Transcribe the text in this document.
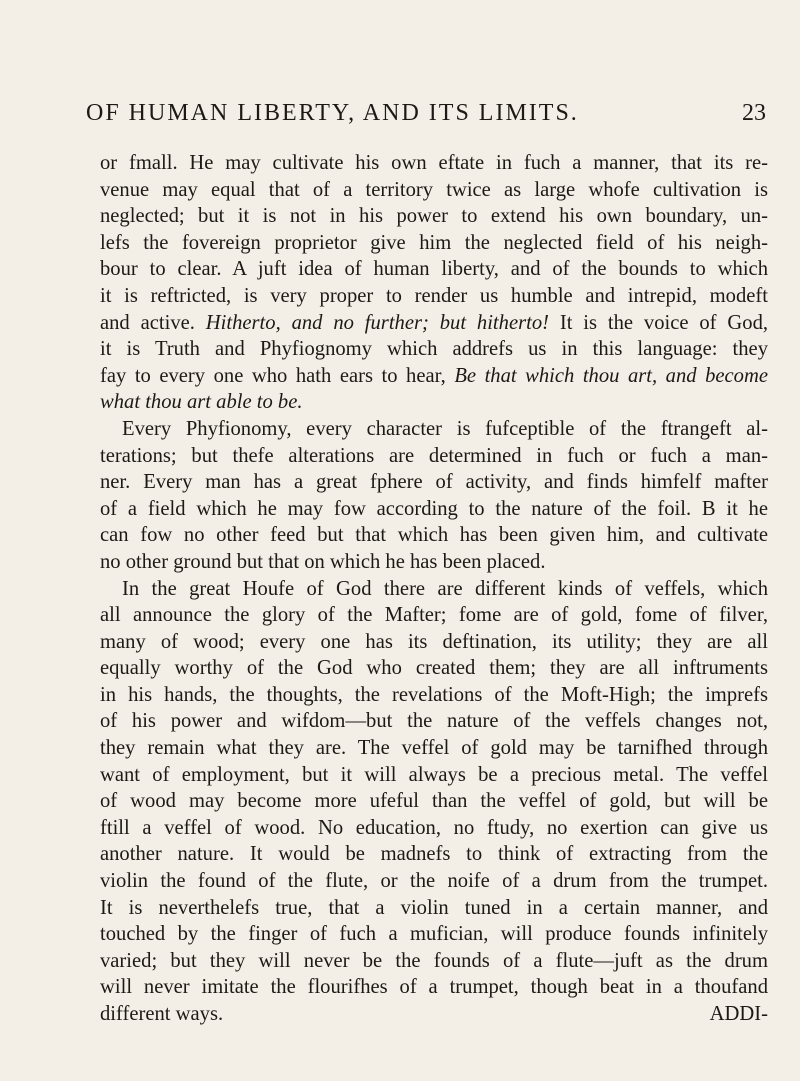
OF HUMAN LIBERTY, AND ITS LIMITS.	23
or fmall. He may cultivate his own eftate in fuch a manner, that its re-
venue may equal that of a territory twice as large whofe cultivation is
neglected; but it is not in his power to extend his own boundary, un-
lefs the fovereign proprietor give him the neglected field of his neigh-
bour to clear. A juft idea of human liberty, and of the bounds to which
it is reftricted, is very proper to render us humble and intrepid, modeft
and active. Hitherto, and no further; but hitherto! It is the voice of God,
it is Truth and Phyfiognomy which addrefs us in this language: they
fay to every one who hath ears to hear, Be that which thou art, and become
what thou art able to be.
Every Phyfionomy, every character is fufceptible of the ftrangeft al-
terations; but thefe alterations are determined in fuch or fuch a man-
ner. Every man has a great fphere of activity, and finds himfelf mafter
of a field which he may fow according to the nature of the foil. B it he
can fow no other feed but that which has been given him, and cultivate
no other ground but that on which he has been placed.
In the great Houfe of God there are different kinds of veffels, which
all announce the glory of the Mafter; fome are of gold, fome of filver,
many of wood; every one has its deftination, its utility; they are all
equally worthy of the God who created them; they are all inftruments
in his hands, the thoughts, the revelations of the Moft-High; the imprefs
of his power and wifdom—but the nature of the veffels changes not,
they remain what they are. The veffel of gold may be tarnifhed through
want of employment, but it will always be a precious metal. The veffel
of wood may become more ufeful than the veffel of gold, but will be
ftill a veffel of wood. No education, no ftudy, no exertion can give us
another nature. It would be madnefs to think of extracting from the
violin the found of the flute, or the noife of a drum from the trumpet.
It is neverthelefs true, that a violin tuned in a certain manner, and
touched by the finger of fuch a mufician, will produce founds infinitely
varied; but they will never be the founds of a flute—juft as the drum
will never imitate the flourifhes of a trumpet, though beat in a thoufand
different ways.	ADDI-
